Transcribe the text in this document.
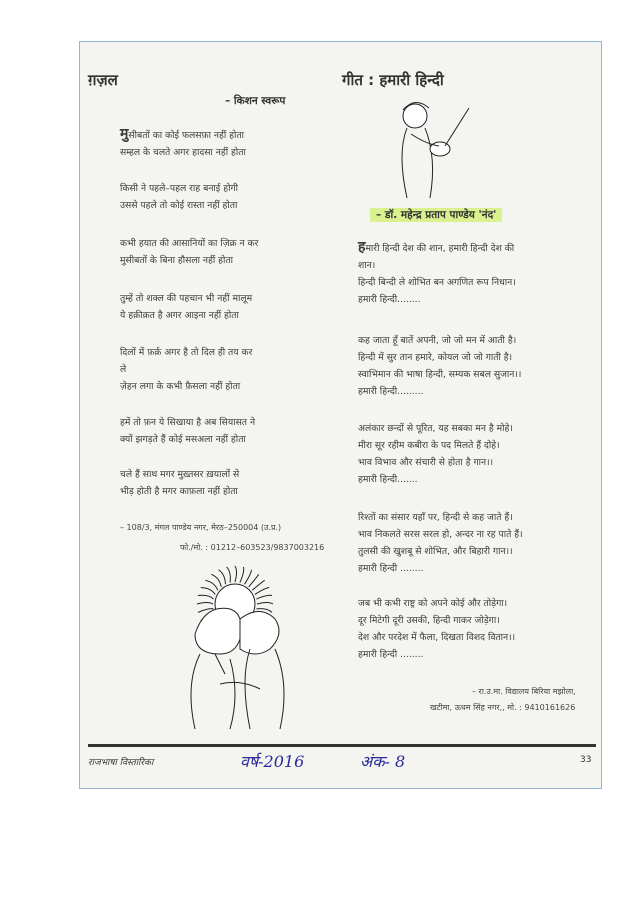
ग़ज़ल
– किशन स्वरूप

मुसीबतों का कोई फलसफ़ा नहीं होता

सम्हल के चलते अगर हादसा नहीं होता

किसी ने पहले–पहल राह बनाई होगी

उससे पहले तो कोई रास्ता नहीं होता

कभी हयात की आसानियों का ज़िक्र न कर

मुसीबतों के बिना हौसला नहीं होता

तुम्हें तो शक्ल की पहचान भी नहीं मालूम

ये हक़ीक़त है अगर आइना नहीं होता

दिलों में फ़र्क़ अगर है तो दिल ही तय कर

ले

ज़ेहन लगा के कभी फ़ैसला नहीं होता

हमें तो फ़न ये सिखाया है अब सियासत ने

क्यों झगड़ते हैं कोई मसअला नहीं होता

चले हैं साथ मगर मुख़्तसर ख़यालों से

भीड़ होती है मगर काफ़ला नहीं होता

– 108/3, मंगल पाण्डेय नगर, मेरठ–250004 (उ.प्र.)
फो./मो. : 01212–603523/9837003216
गीत : हमारी हिन्दी
– डॉ. महेन्द्र प्रताप पाण्डेय 'नंद'

हमारी हिन्दी देश की शान, हमारी हिन्दी देश की

शान।

हिन्दी बिन्दी ले शोभित बन अगणित रूप निधान।

हमारी हिन्दी........

कह जाता हूँ बातें अपनी, जो जो मन में आती है।

हिन्दी में सुर तान हमारे, कोयल जो जो गाती है।

स्वाभिमान की भाषा हिन्दी, सम्यक सबल सुजान।।

हमारी हिन्दी.........

अलंकार छन्दों से पूरित, यह सबका मन है मोहे।

मीरा सूर रहीम कबीरा के पद मिलते हैं दोहे।

भाव विभाव और संचारी से होता है गान।।

हमारी हिन्दी.......

रिश्तों का संसार यहाँ पर, हिन्दी से कह जाते हैं।

भाव निकलते सरस सरल हो, अन्दर ना रह पाते हैं।

तुलसी की खुशबू से शोभित, और बिहारी गान।।

हमारी हिन्दी ........

जब भी कभी राष्ट्र को अपने कोई और तोड़ेगा।

दूर मिटेगी दूरी उसकी, हिन्दी गाकर जोड़ेगा।

देश और परदेश में फैला, दिखता विशद वितान।।

हमारी हिन्दी ........

– रा.उ.मा. विद्यालय बिरिया मझोला,
खटीमा, ऊधम सिंह नगर,, मो. : 9410161626
राजभाषा विस्तारिका	वर्ष-2016	अंक- 8	33
